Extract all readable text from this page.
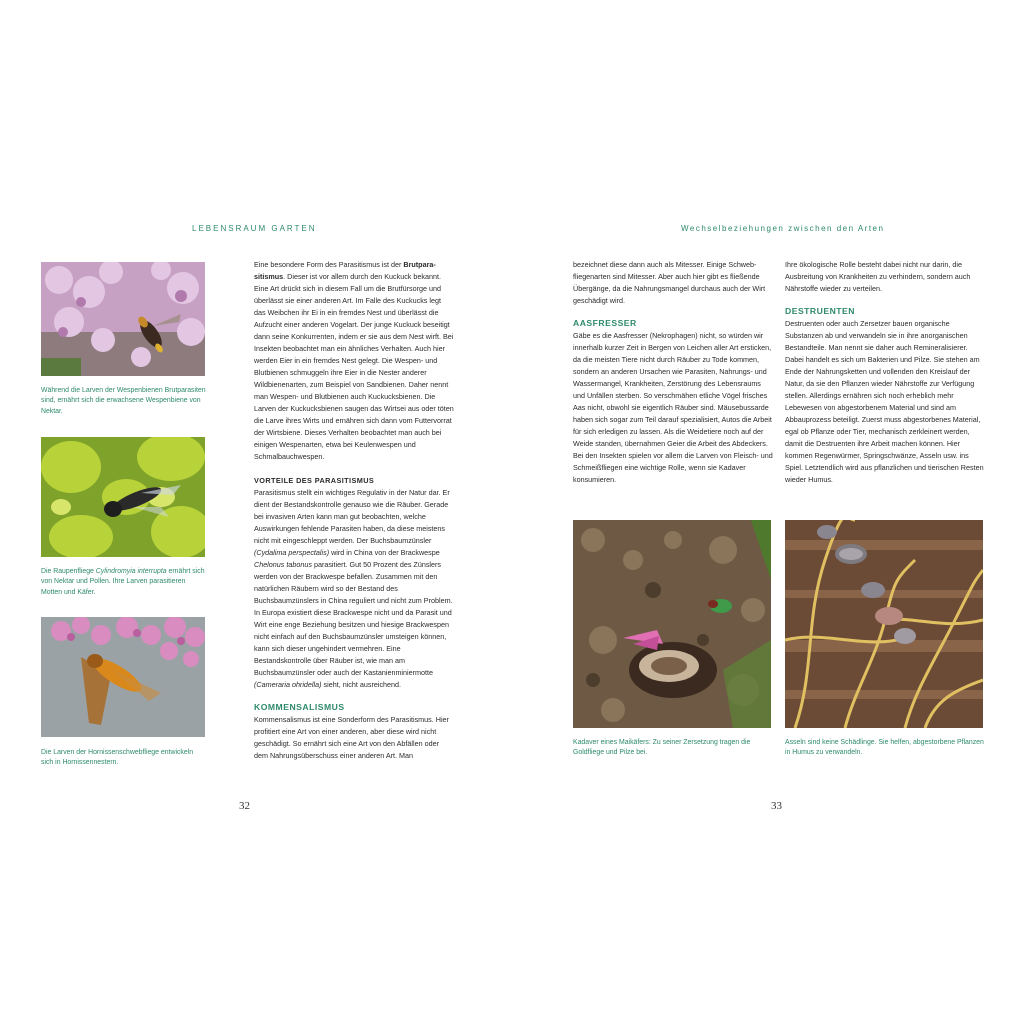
LEBENSRAUM GARTEN	Wechselbeziehungen zwischen den Arten
Während die Larven der Wespenbienen Brutparasiten sind, ernährt sich die erwachsene Wespenbiene von Nektar.
Die Raupenfliege Cylindromyia interrupta ernährt sich von Nektar und Pollen. Ihre Larven parasitieren Motten und Käfer.
Die Larven der Hornissenschwebfliege entwickeln sich in Hornissennestern.

Eine besondere Form des Parasitismus ist der Brutparasitismus. Dieser ist vor allem durch den Kuckuck bekannt. Eine Art drückt sich in diesem Fall um die Brutfürsorge und überlässt sie einer anderen Art. Im Falle des Kuckucks legt das Weibchen ihr Ei in ein fremdes Nest und überlässt die Aufzucht einer anderen Vogelart. Der junge Kuckuck beseitigt dann seine Konkurrenten, indem er sie aus dem Nest wirft. Bei Insekten beobachtet man ein ähnliches Verhalten. Auch hier werden Eier in ein fremdes Nest gelegt. Die Wespen- und Blutbienen schmuggeln ihre Eier in die Nester anderer Wildbienenarten, zum Beispiel von Sandbienen. Daher nennt man Wespen- und Blutbienen auch Kuckucksbienen. Die Larven der Kuckucksbienen saugen das Wirtsei aus oder töten die Larve ihres Wirts und ernähren sich dann vom Futtervorrat der Wirtsbiene. Dieses Verhalten beobachtet man auch bei einigen Wespenarten, etwa bei Keulenwespen und Schmalbauchwespen.

VORTEILE DES PARASITISMUS

Parasitismus stellt ein wichtiges Regulativ in der Natur dar. Er dient der Bestandskontrolle genauso wie die Räuber. Gerade bei invasiven Arten kann man gut beobachten, welche Auswirkungen fehlende Parasiten haben, da diese meistens nicht mit eingeschleppt werden. Der Buchsbaumzünsler (Cydalima perspectalis) wird in China von der Brackwespe Chelonus tabonus parasitiert. Gut 50 Prozent des Zünslers werden von der Brackwespe befallen. Zusammen mit den natürlichen Räubern wird so der Bestand des Buchsbaumzünslers in China reguliert und nicht zum Problem. In Europa existiert diese Brackwespe nicht und da Parasit und Wirt eine enge Beziehung besitzen und hiesige Brackwespen nicht einfach auf den Buchsbaumzünsler umsteigen können, kann sich dieser ungehindert vermehren. Eine Bestandskontrolle über Räuber ist, wie man am Buchsbaumzünsler oder auch der Kastanienminiermotte (Cameraria ohridella) sieht, nicht ausreichend.

KOMMENSALISMUS

Kommensalismus ist eine Sonderform des Parasitismus. Hier profitiert eine Art von einer anderen, aber diese wird nicht geschädigt. So ernährt sich eine Art von den Abfällen oder dem Nahrungsüberschuss einer anderen Art. Man

bezeichnet diese dann auch als Mitesser. Einige Schwebfliegenarten sind Mitesser. Aber auch hier gibt es fließende Übergänge, da die Nahrungsmangel durchaus auch der Wirt geschädigt wird.

AASFRESSER

Gäbe es die Aasfresser (Nekrophagen) nicht, so würden wir innerhalb kurzer Zeit in Bergen von Leichen aller Art ersticken, da die meisten Tiere nicht durch Räuber zu Tode kommen, sondern an anderen Ursachen wie Parasiten, Nahrungs- und Wassermangel, Krankheiten, Zerstörung des Lebensraums und Unfällen sterben. So verschmähen etliche Vögel frisches Aas nicht, obwohl sie eigentlich Räuber sind. Mäusebussarde haben sich sogar zum Teil darauf spezialisiert, Autos die Arbeit für sich erledigen zu lassen. Als die Weidetiere noch auf der Weide standen, übernahmen Geier die Arbeit des Abdeckers. Bei den Insekten spielen vor allem die Larven von Fleisch- und Schmeißfliegen eine wichtige Rolle, wenn sie Kadaver konsumieren.

Ihre ökologische Rolle besteht dabei nicht nur darin, die Ausbreitung von Krankheiten zu verhindern, sondern auch Nährstoffe wieder zu verteilen.

DESTRUENTEN

Destruenten oder auch Zersetzer bauen organische Substanzen ab und verwandeln sie in ihre anorganischen Bestandteile. Man nennt sie daher auch Remineralisierer. Dabei handelt es sich um Bakterien und Pilze. Sie stehen am Ende der Nahrungsketten und vollenden den Kreislauf der Natur, da sie den Pflanzen wieder Nährstoffe zur Verfügung stellen. Allerdings ernähren sich noch erheblich mehr Lebewesen von abgestorbenem Material und sind am Abbauprozess beteiligt. Zuerst muss abgestorbenes Material, egal ob Pflanze oder Tier, mechanisch zerkleinert werden, damit die Destruenten ihre Arbeit machen können. Hier kommen Regenwürmer, Springschwänze, Asseln usw. ins Spiel. Letztendlich wird aus pflanzlichen und tierischen Resten wieder Humus.

Kadaver eines Maikäfers: Zu seiner Zersetzung tragen die Goldfliege und Pilze bei.
Asseln sind keine Schädlinge. Sie helfen, abgestorbene Pflanzen in Humus zu verwandeln.
32	33
